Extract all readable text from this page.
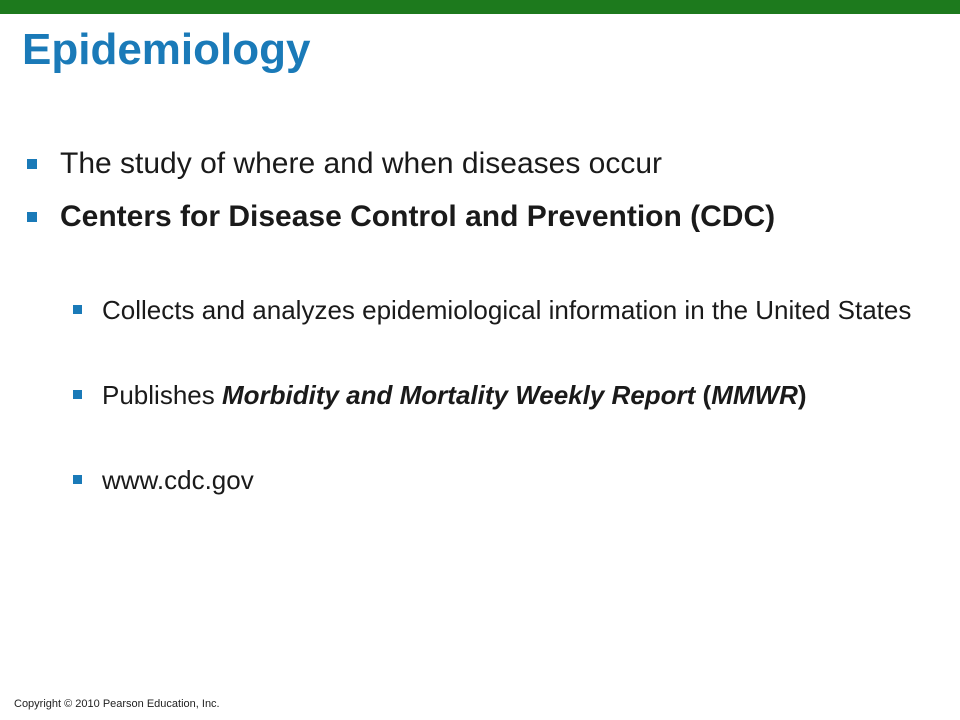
Epidemiology
The study of where and when diseases occur
Centers for Disease Control and Prevention (CDC)
Collects and analyzes epidemiological information in the United States
Publishes Morbidity and Mortality Weekly Report (MMWR)
www.cdc.gov
Copyright © 2010 Pearson Education, Inc.
